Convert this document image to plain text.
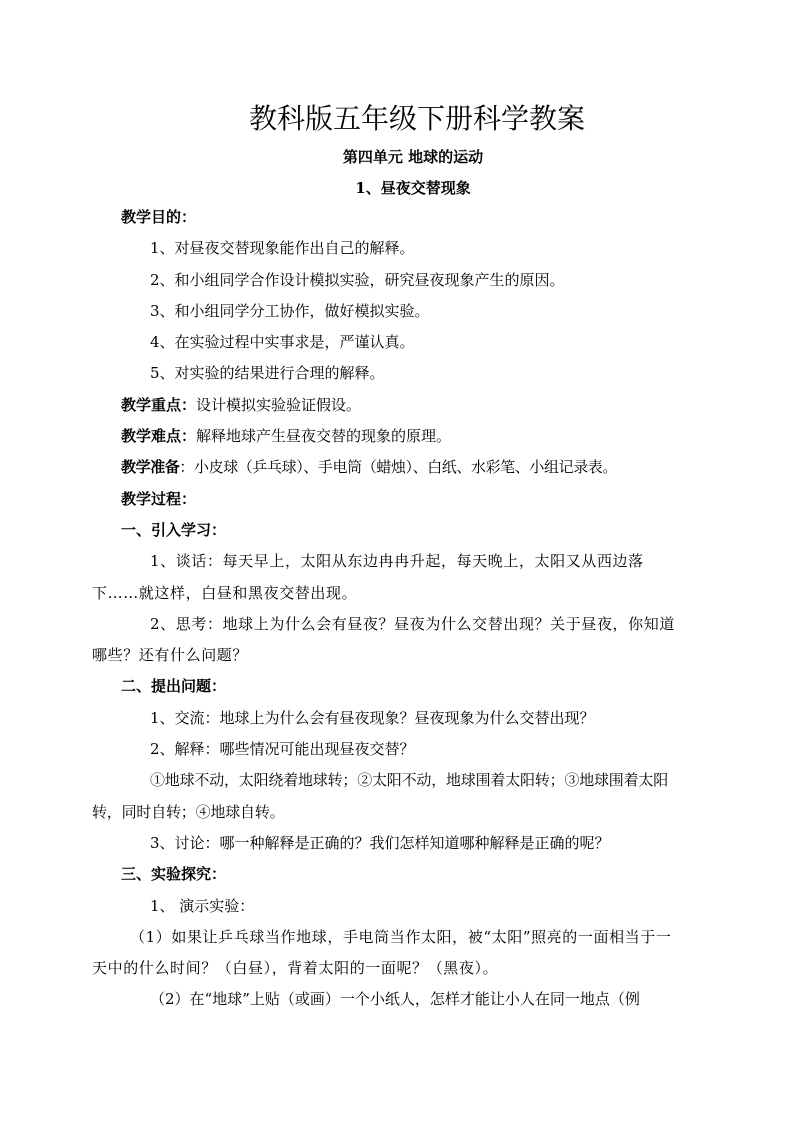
教科版五年级下册科学教案
第四单元 地球的运动
1、昼夜交替现象

教学目的：

1、对昼夜交替现象能作出自己的解释。

2、和小组同学合作设计模拟实验，研究昼夜现象产生的原因。

3、和小组同学分工协作，做好模拟实验。

4、在实验过程中实事求是，严谨认真。

5、对实验的结果进行合理的解释。

教学重点：设计模拟实验验证假设。

教学难点：解释地球产生昼夜交替的现象的原理。

教学准备：小皮球（乒乓球）、手电筒（蜡烛）、白纸、水彩笔、小组记录表。

教学过程：

一、引入学习：

1、谈话：每天早上，太阳从东边冉冉升起，每天晚上，太阳又从西边落下……就这样，白昼和黑夜交替出现。

2、思考：地球上为什么会有昼夜？昼夜为什么交替出现？关于昼夜，你知道哪些？还有什么问题？

二、提出问题：

1、交流：地球上为什么会有昼夜现象？昼夜现象为什么交替出现？

2、解释：哪些情况可能出现昼夜交替？

①地球不动，太阳绕着地球转；②太阳不动，地球围着太阳转；③地球围着太阳转，同时自转；④地球自转。

3、讨论：哪一种解释是正确的？我们怎样知道哪种解释是正确的呢？

三、实验探究：

1、 演示实验：

（1）如果让乒乓球当作地球，手电筒当作太阳，被“太阳”照亮的一面相当于一天中的什么时间？（白昼），背着太阳的一面呢？（黑夜）。

（2）在“地球”上贴（或画）一个小纸人，怎样才能让小人在同一地点（例
